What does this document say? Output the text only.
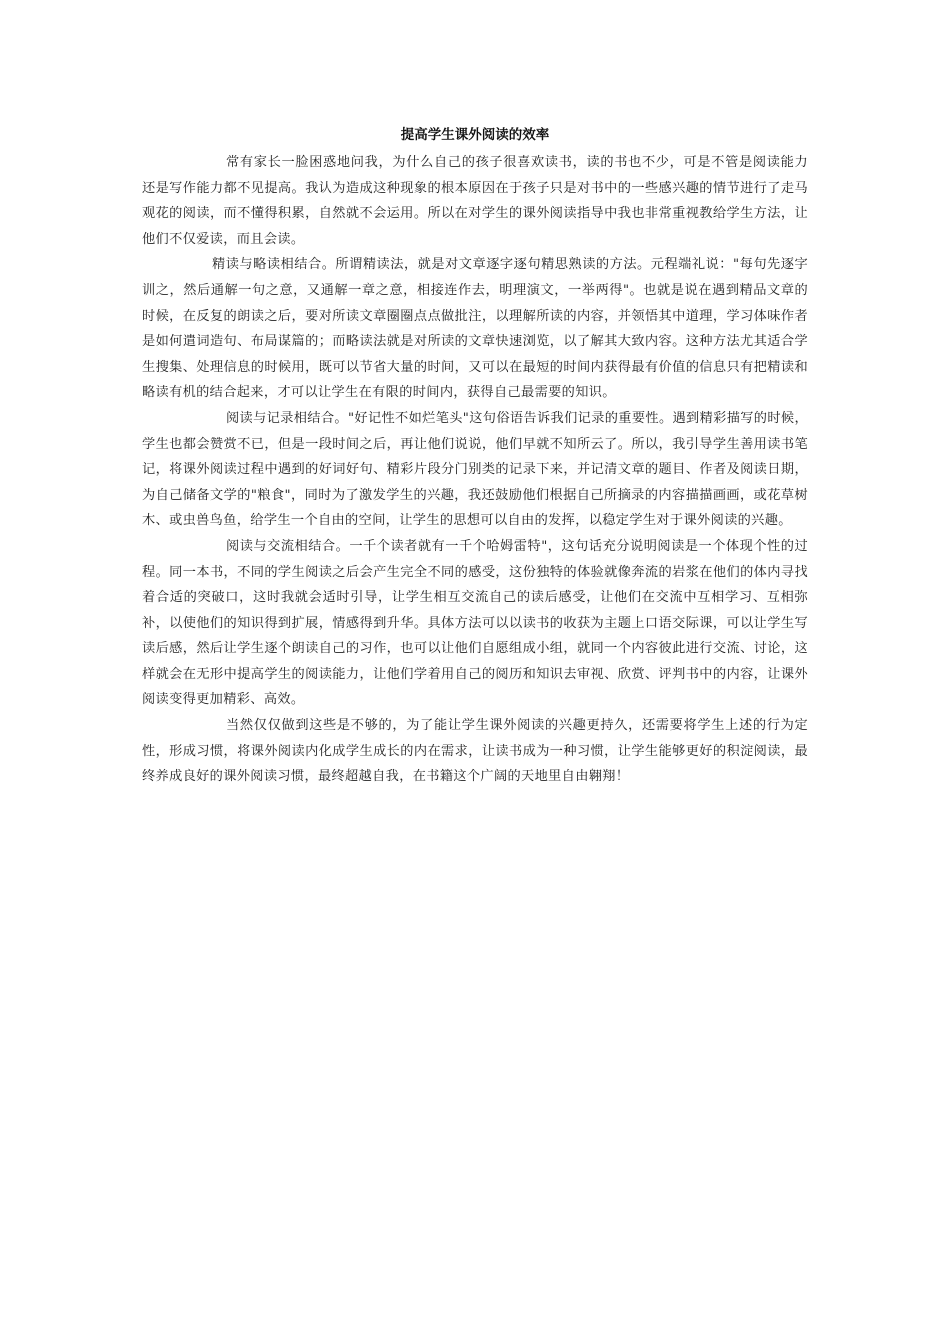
提高学生课外阅读的效率

常有家长一脸困惑地问我，为什么自己的孩子很喜欢读书，读的书也不少，可是不管是阅读能力还是写作能力都不见提高。我认为造成这种现象的根本原因在于孩子只是对书中的一些感兴趣的情节进行了走马观花的阅读，而不懂得积累，自然就不会运用。所以在对学生的课外阅读指导中我也非常重视教给学生方法，让他们不仅爱读，而且会读。

精读与略读相结合。所谓精读法，就是对文章逐字逐句精思熟读的方法。元程端礼说："每句先逐字训之，然后通解一句之意，又通解一章之意，相接连作去，明理演文，一举两得"。也就是说在遇到精品文章的时候，在反复的朗读之后，要对所读文章圈圈点点做批注，以理解所读的内容，并领悟其中道理，学习体味作者是如何遣词造句、布局谋篇的；而略读法就是对所读的文章快速浏览，以了解其大致内容。这种方法尤其适合学生搜集、处理信息的时候用，既可以节省大量的时间，又可以在最短的时间内获得最有价值的信息只有把精读和略读有机的结合起来，才可以让学生在有限的时间内，获得自己最需要的知识。

阅读与记录相结合。"好记性不如烂笔头"这句俗语告诉我们记录的重要性。遇到精彩描写的时候，学生也都会赞赏不已，但是一段时间之后，再让他们说说，他们早就不知所云了。所以，我引导学生善用读书笔记，将课外阅读过程中遇到的好词好句、精彩片段分门别类的记录下来，并记清文章的题目、作者及阅读日期，为自己储备文学的"粮食"，同时为了激发学生的兴趣，我还鼓励他们根据自己所摘录的内容描描画画，或花草树木、或虫兽鸟鱼，给学生一个自由的空间，让学生的思想可以自由的发挥，以稳定学生对于课外阅读的兴趣。

阅读与交流相结合。一千个读者就有一千个哈姆雷特"，这句话充分说明阅读是一个体现个性的过程。同一本书，不同的学生阅读之后会产生完全不同的感受，这份独特的体验就像奔流的岩浆在他们的体内寻找着合适的突破口，这时我就会适时引导，让学生相互交流自己的读后感受，让他们在交流中互相学习、互相弥补，以使他们的知识得到扩展，情感得到升华。具体方法可以以读书的收获为主题上口语交际课，可以让学生写读后感，然后让学生逐个朗读自己的习作，也可以让他们自愿组成小组，就同一个内容彼此进行交流、讨论，这样就会在无形中提高学生的阅读能力，让他们学着用自己的阅历和知识去审视、欣赏、评判书中的内容，让课外阅读变得更加精彩、高效。

当然仅仅做到这些是不够的，为了能让学生课外阅读的兴趣更持久，还需要将学生上述的行为定性，形成习惯，将课外阅读内化成学生成长的内在需求，让读书成为一种习惯，让学生能够更好的积淀阅读，最终养成良好的课外阅读习惯，最终超越自我，在书籍这个广阔的天地里自由翱翔！
